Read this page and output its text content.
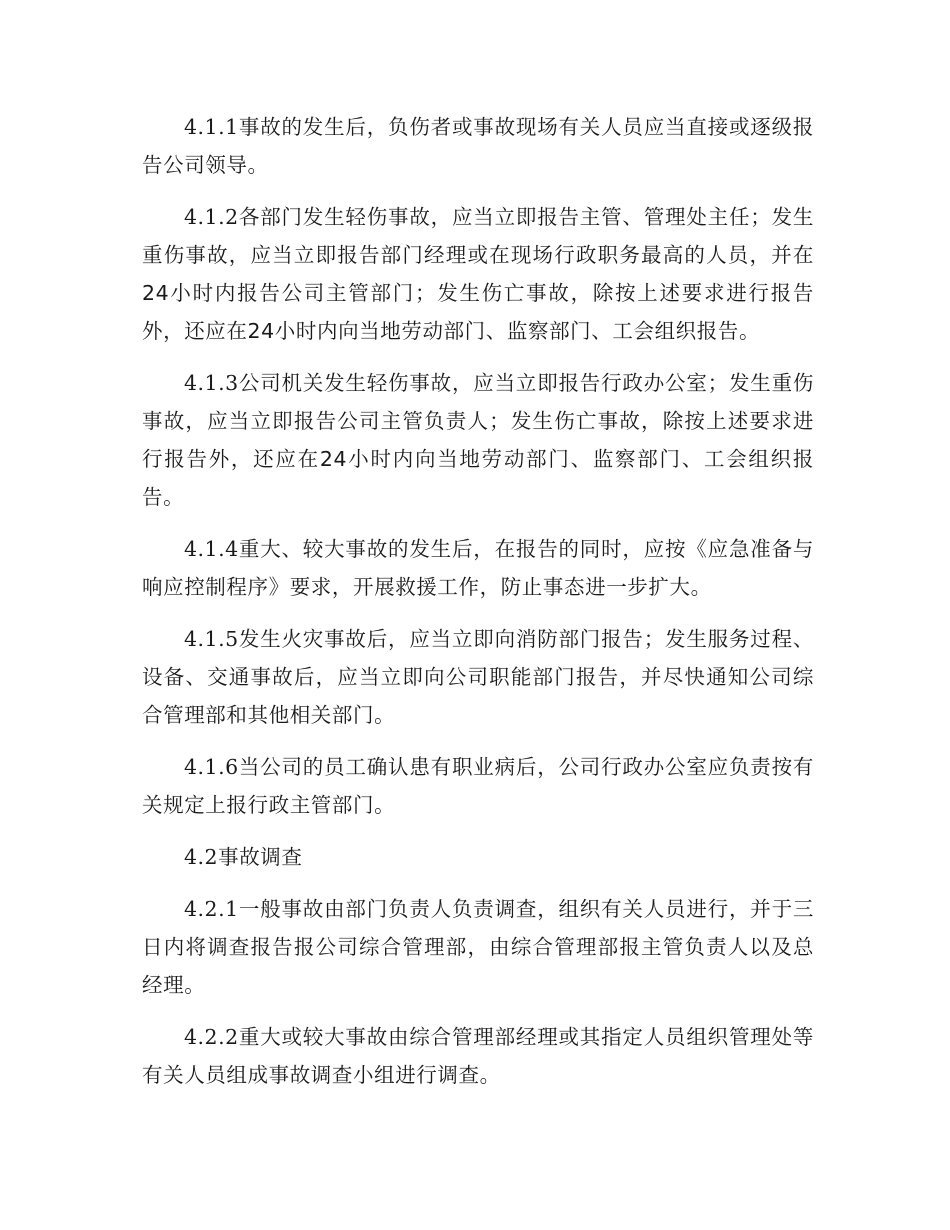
4.1.1事故的发生后，负伤者或事故现场有关人员应当直接或逐级报告公司领导。

4.1.2各部门发生轻伤事故，应当立即报告主管、管理处主任；发生重伤事故，应当立即报告部门经理或在现场行政职务最高的人员，并在24小时内报告公司主管部门；发生伤亡事故，除按上述要求进行报告外，还应在24小时内向当地劳动部门、监察部门、工会组织报告。

4.1.3公司机关发生轻伤事故，应当立即报告行政办公室；发生重伤事故，应当立即报告公司主管负责人；发生伤亡事故，除按上述要求进行报告外，还应在24小时内向当地劳动部门、监察部门、工会组织报告。

4.1.4重大、较大事故的发生后，在报告的同时，应按《应急准备与响应控制程序》要求，开展救援工作，防止事态进一步扩大。

4.1.5发生火灾事故后，应当立即向消防部门报告；发生服务过程、设备、交通事故后，应当立即向公司职能部门报告，并尽快通知公司综合管理部和其他相关部门。

4.1.6当公司的员工确认患有职业病后，公司行政办公室应负责按有关规定上报行政主管部门。

4.2事故调查

4.2.1一般事故由部门负责人负责调查，组织有关人员进行，并于三日内将调查报告报公司综合管理部，由综合管理部报主管负责人以及总经理。

4.2.2重大或较大事故由综合管理部经理或其指定人员组织管理处等有关人员组成事故调查小组进行调查。
